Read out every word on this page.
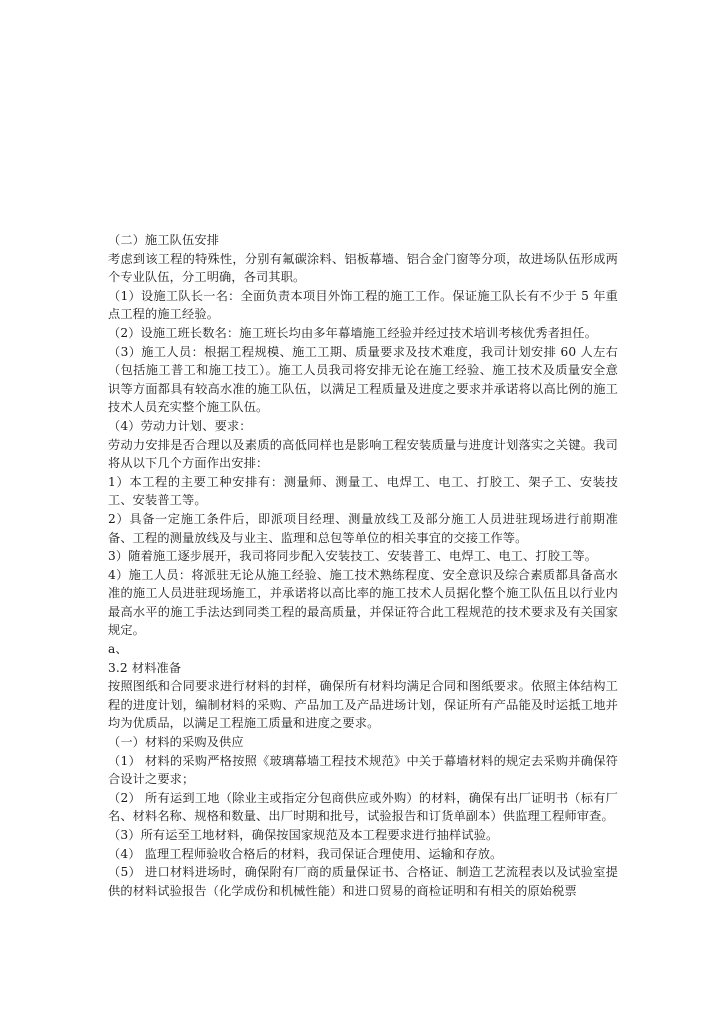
（二）施工队伍安排

考虑到该工程的特殊性，分别有氟碳涂料、铝板幕墙、铝合金门窗等分项，故进场队伍形成两个专业队伍，分工明确，各司其职。

（1）设施工队长一名：全面负责本项目外饰工程的施工工作。保证施工队长有不少于 5 年重点工程的施工经验。

（2）设施工班长数名：施工班长均由多年幕墙施工经验并经过技术培训考核优秀者担任。

（3）施工人员：根据工程规模、施工工期、质量要求及技术难度，我司计划安排 60 人左右（包括施工普工和施工技工）。施工人员我司将安排无论在施工经验、施工技术及质量安全意识等方面都具有较高水准的施工队伍，以满足工程质量及进度之要求并承诺将以高比例的施工技术人员充实整个施工队伍。

（4）劳动力计划、要求：

劳动力安排是否合理以及素质的高低同样也是影响工程安装质量与进度计划落实之关键。我司将从以下几个方面作出安排：

1）本工程的主要工种安排有：测量师、测量工、电焊工、电工、打胶工、架子工、安装技工、安装普工等。

2）具备一定施工条件后，即派项目经理、测量放线工及部分施工人员进驻现场进行前期准备、工程的测量放线及与业主、监理和总包等单位的相关事宜的交接工作等。

3）随着施工逐步展开，我司将同步配入安装技工、安装普工、电焊工、电工、打胶工等。

4）施工人员：将派驻无论从施工经验、施工技术熟练程度、安全意识及综合素质都具备高水准的施工人员进驻现场施工，并承诺将以高比率的施工技术人员据化整个施工队伍且以行业内最高水平的施工手法达到同类工程的最高质量，并保证符合此工程规范的技术要求及有关国家规定。

a、

3.2 材料准备

按照图纸和合同要求进行材料的封样，确保所有材料均满足合同和图纸要求。依照主体结构工程的进度计划，编制材料的采购、产品加工及产品进场计划，保证所有产品能及时运抵工地并均为优质品，以满足工程施工质量和进度之要求。

（一）材料的采购及供应

（1） 材料的采购严格按照《玻璃幕墙工程技术规范》中关于幕墙材料的规定去采购并确保符合设计之要求；

（2） 所有运到工地（除业主或指定分包商供应或外购）的材料，确保有出厂证明书（标有厂名、材料名称、规格和数量、出厂时期和批号，试验报告和订货单副本）供监理工程师审查。

（3）所有运至工地材料，确保按国家规范及本工程要求进行抽样试验。

（4） 监理工程师验收合格后的材料，我司保证合理使用、运输和存放。

（5） 进口材料进场时，确保附有厂商的质量保证书、合格证、制造工艺流程表以及试验室提供的材料试验报告（化学成份和机械性能）和进口贸易的商检证明和有相关的原始税票
